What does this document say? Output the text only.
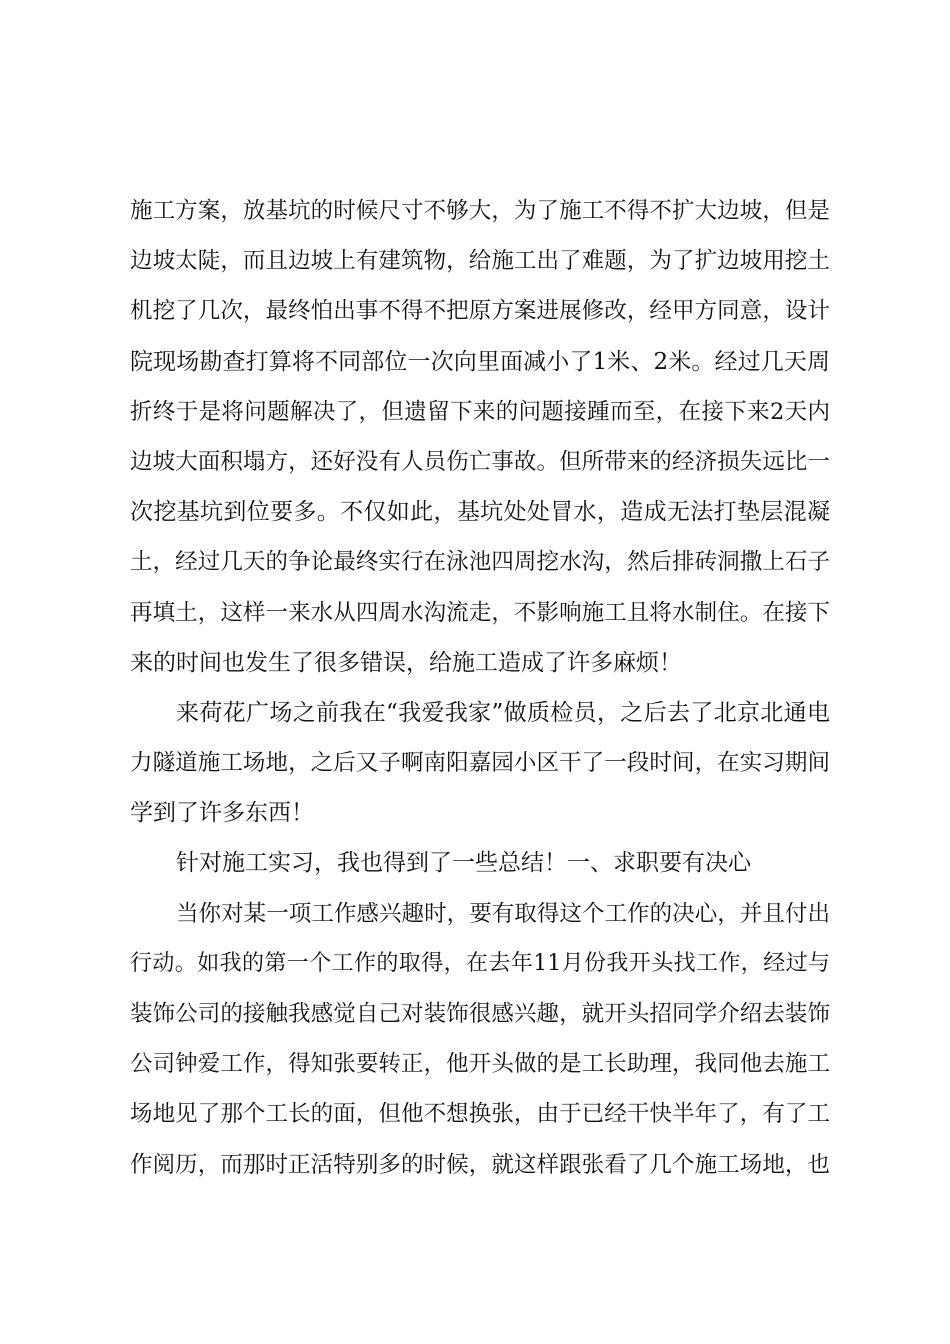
施工方案，放基坑的时候尺寸不够大，为了施工不得不扩大边坡，但是
边坡太陡，而且边坡上有建筑物，给施工出了难题，为了扩边坡用挖土
机挖了几次，最终怕出事不得不把原方案进展修改，经甲方同意，设计
院现场勘查打算将不同部位一次向里面减小了1米、2米。经过几天周
折终于是将问题解决了，但遗留下来的问题接踵而至，在接下来2天内
边坡大面积塌方，还好没有人员伤亡事故。但所带来的经济损失远比一
次挖基坑到位要多。不仅如此，基坑处处冒水，造成无法打垫层混凝
土，经过几天的争论最终实行在泳池四周挖水沟，然后排砖洞撒上石子
再填土，这样一来水从四周水沟流走，不影响施工且将水制住。在接下
来的时间也发生了很多错误，给施工造成了许多麻烦！
来荷花广场之前我在“我爱我家”做质检员，之后去了北京北通电
力隧道施工场地，之后又子啊南阳嘉园小区干了一段时间，在实习期间
学到了许多东西！
针对施工实习，我也得到了一些总结！一、求职要有决心
当你对某一项工作感兴趣时，要有取得这个工作的决心，并且付出
行动。如我的第一个工作的取得，在去年11月份我开头找工作，经过与
装饰公司的接触我感觉自己对装饰很感兴趣，就开头招同学介绍去装饰
公司钟爱工作，得知张要转正，他开头做的是工长助理，我同他去施工
场地见了那个工长的面，但他不想换张，由于已经干快半年了，有了工
作阅历，而那时正活特别多的时候，就这样跟张看了几个施工场地，也
